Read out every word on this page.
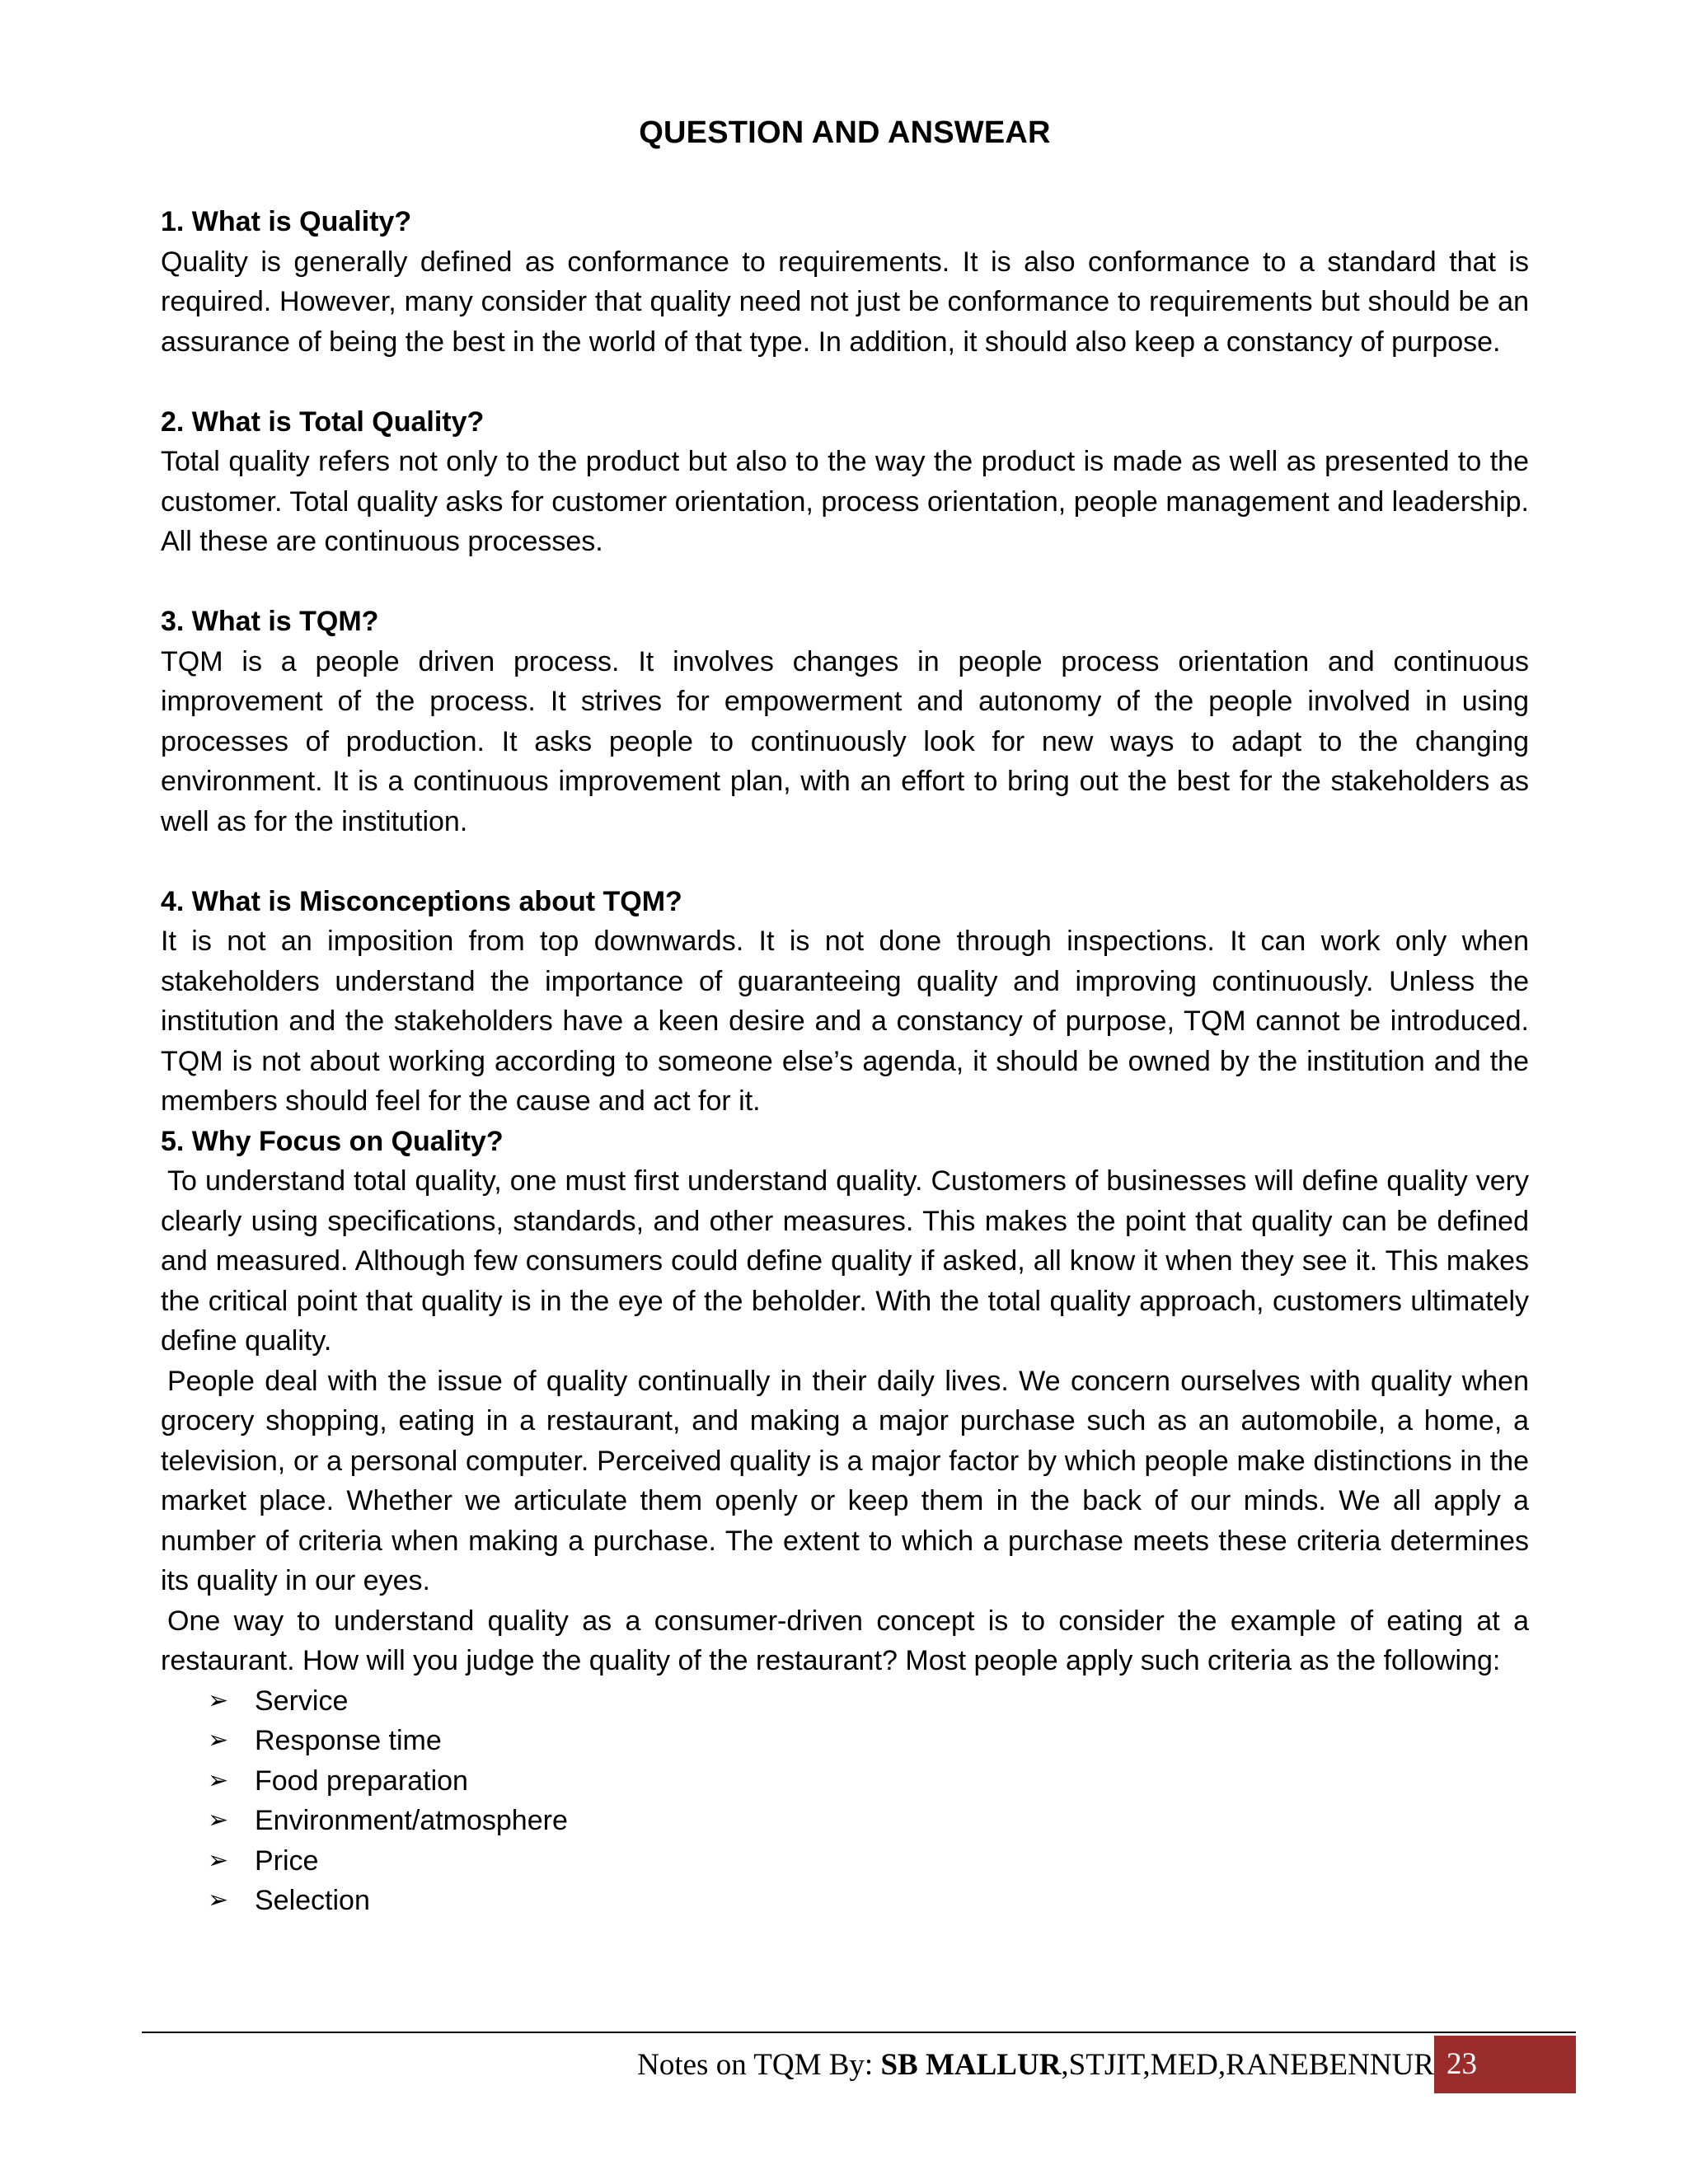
QUESTION AND ANSWEAR

1. What is Quality?

Quality is generally defined as conformance to requirements. It is also conformance to a standard that is required. However, many consider that quality need not just be conformance to requirements but should be an assurance of being the best in the world of that type. In addition, it should also keep a constancy of purpose.

2. What is Total Quality?

Total quality refers not only to the product but also to the way the product is made as well as presented to the customer. Total quality asks for customer orientation, process orientation, people management and leadership. All these are continuous processes.

3. What is TQM?

TQM is a people driven process. It involves changes in people process orientation and continuous improvement of the process. It strives for empowerment and autonomy of the people involved in using processes of production. It asks people to continuously look for new ways to adapt to the changing environment. It is a continuous improvement plan, with an effort to bring out the best for the stakeholders as well as for the institution.

4. What is Misconceptions about TQM?

It is not an imposition from top downwards. It is not done through inspections. It can work only when stakeholders understand the importance of guaranteeing quality and improving continuously. Unless the institution and the stakeholders have a keen desire and a constancy of purpose, TQM cannot be introduced. TQM is not about working according to someone else’s agenda, it should be owned by the institution and the members should feel for the cause and act for it.

5. Why Focus on Quality?

To understand total quality, one must first understand quality. Customers of businesses will define quality very clearly using specifications, standards, and other measures. This makes the point that quality can be defined and measured. Although few consumers could define quality if asked, all know it when they see it. This makes the critical point that quality is in the eye of the beholder. With the total quality approach, customers ultimately define quality.

People deal with the issue of quality continually in their daily lives. We concern ourselves with quality when grocery shopping, eating in a restaurant, and making a major purchase such as an automobile, a home, a television, or a personal computer. Perceived quality is a major factor by which people make distinctions in the market place. Whether we articulate them openly or keep them in the back of our minds. We all apply a number of criteria when making a purchase. The extent to which a purchase meets these criteria determines its quality in our eyes.

One way to understand quality as a consumer-driven concept is to consider the example of eating at a restaurant. How will you judge the quality of the restaurant? Most people apply such criteria as the following:

➢ Service
➢ Response time
➢ Food preparation
➢ Environment/atmosphere
➢ Price
➢ Selection
Notes on TQM By: SB MALLUR,STJIT,MED,RANEBENNUR 23
